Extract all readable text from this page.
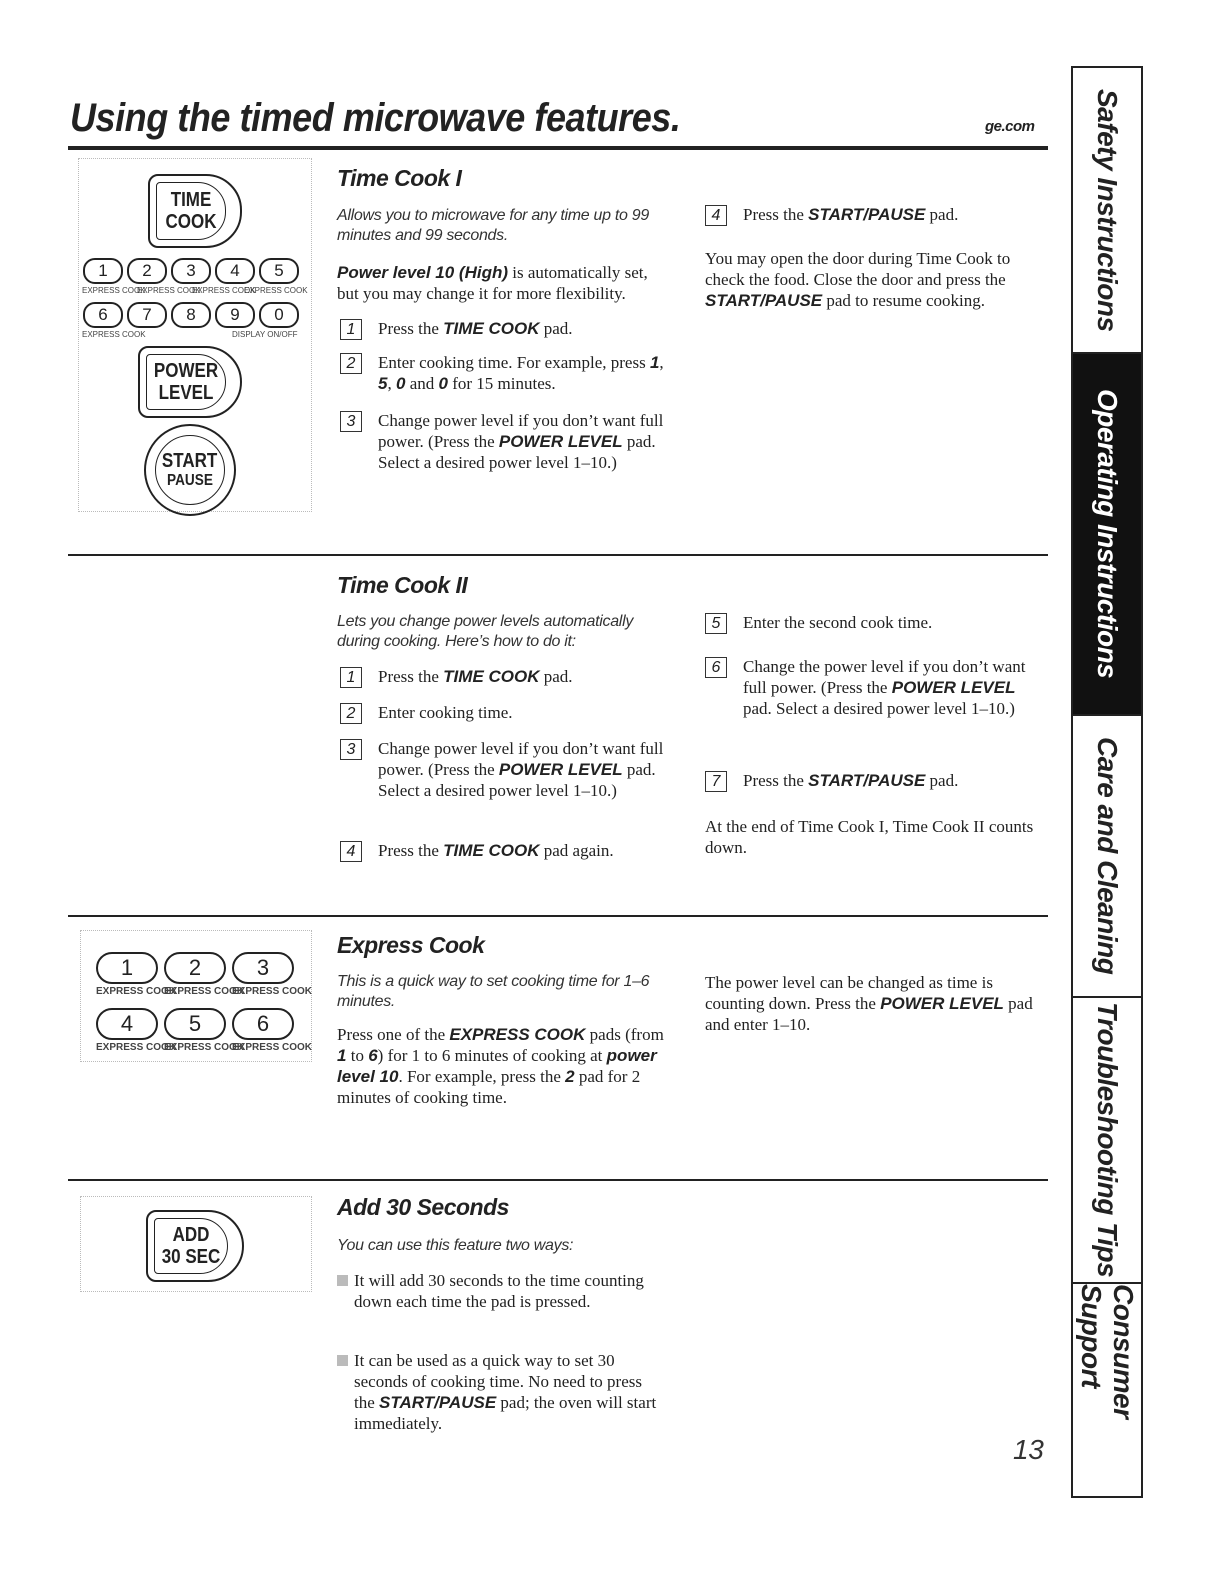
Using the timed microwave features.	ge.com Safety Instructions
Operating Instructions
Care and Cleaning
Troubleshooting Tips
Consumer Support
TIME
COOK
1	2	3	4	5
EXPRESS COOK
EXPRESS COOK
EXPRESS COOK
EXPRESS COOK
6	7	8	9	0
EXPRESS COOK	DISPLAY ON/OFF
POWER
LEVEL
START
PAUSE
Time Cook I
Allows you to microwave for any time up to 99 minutes and 99 seconds.
Power level 10 (High) is automatically set, but you may change it for more flexibility.
1	Press the TIME COOK pad.
2	Enter cooking time. For example, press 1, 5, 0 and 0 for 15 minutes.
3	Change power level if you don’t want full power. (Press the POWER LEVEL pad. Select a desired power level 1–10.)
4	Press the START/PAUSE pad.
You may open the door during Time Cook to check the food. Close the door and press the START/PAUSE pad to resume cooking.
Time Cook II
Lets you change power levels automatically during cooking. Here’s how to do it:
1	Press the TIME COOK pad.
2	Enter cooking time.
3	Change power level if you don’t want full power. (Press the POWER LEVEL pad. Select a desired power level 1–10.)
4	Press the TIME COOK pad again.
5	Enter the second cook time.
6	Change the power level if you don’t want full power. (Press the POWER LEVEL pad. Select a desired power level 1–10.)
7	Press the START/PAUSE pad.
At the end of Time Cook I, Time Cook II counts down.
1	2	3
EXPRESS COOK
EXPRESS COOK
EXPRESS COOK
4	5	6
EXPRESS COOK
EXPRESS COOK
EXPRESS COOK
Express Cook
This is a quick way to set cooking time for 1–6 minutes.
Press one of the EXPRESS COOK pads (from 1 to 6) for 1 to 6 minutes of cooking at power level 10. For example, press the 2 pad for 2 minutes of cooking time.
The power level can be changed as time is counting down. Press the POWER LEVEL pad and enter 1–10.
ADD
30 SEC
Add 30 Seconds
You can use this feature two ways:
It will add 30 seconds to the time counting down each time the pad is pressed.
It can be used as a quick way to set 30 seconds of cooking time. No need to press the START/PAUSE pad; the oven will start immediately.
13
